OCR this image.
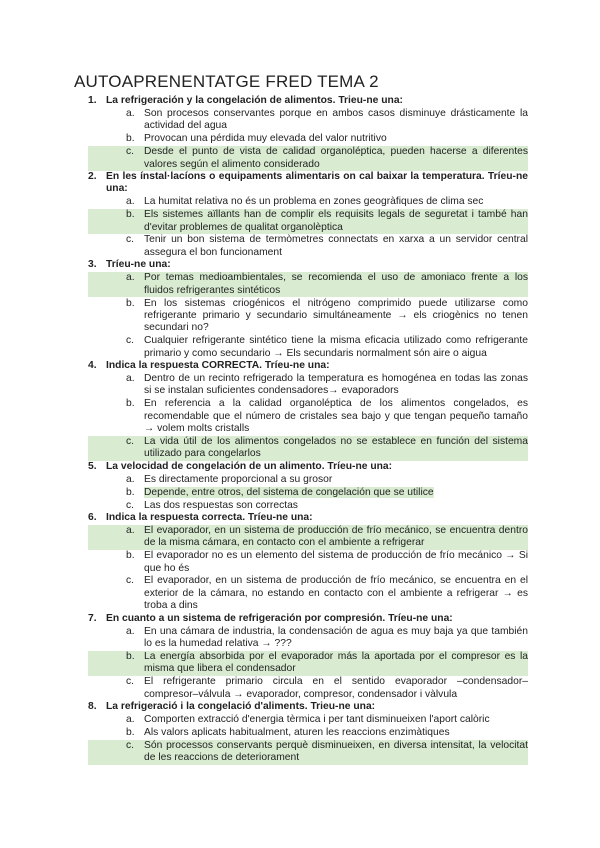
AUTOAPRENENTATGE FRED TEMA 2
1. La refrigeración y la congelación de alimentos. Trieu-ne una:
a. Son procesos conservantes porque en ambos casos disminuye drásticamente la actividad del agua
b. Provocan una pérdida muy elevada del valor nutritivo
c. Desde el punto de vista de calidad organoléptica, pueden hacerse a diferentes valores según el alimento considerado
2. En les ínstal·lacíons o equipaments alimentaris on cal baixar la temperatura. Tríeu-ne una:
a. La humitat relativa no és un problema en zones geogràfiques de clima sec
b. Els sistemes aïllants han de complir els requisits legals de seguretat i també han d'evitar problemes de qualitat organolèptica
c. Tenir un bon sistema de termòmetres connectats en xarxa a un servidor central assegura el bon funcionament
3. Tríeu-ne una:
a. Por temas medioambientales, se recomienda el uso de amoniaco frente a los fluidos refrigerantes sintéticos
b. En los sistemas criogénicos el nitrógeno comprimido puede utilizarse como refrigerante primario y secundario simultáneamente → els criogènics no tenen secundari no?
c. Cualquier refrigerante sintético tiene la misma eficacia utilizado como refrigerante primario y como secundario → Els secundaris normalment són aire o aigua
4. Indica la respuesta CORRECTA. Tríeu-ne una:
a. Dentro de un recinto refrigerado la temperatura es homogénea en todas las zonas si se instalan suficientes condensadores→ evaporadors
b. En referencia a la calidad organoléptica de los alimentos congelados, es recomendable que el número de cristales sea bajo y que tengan pequeño tamaño → volem molts cristalls
c. La vida útil de los alimentos congelados no se establece en función del sistema utilizado para congelarlos
5. La velocidad de congelación de un alimento. Tríeu-ne una:
a. Es directamente proporcional a su grosor
b. Depende, entre otros, del sistema de congelación que se utilice
c. Las dos respuestas son correctas
6. Indica la respuesta correcta. Tríeu-ne una:
a. El evaporador, en un sistema de producción de frío mecánico, se encuentra dentro de la misma cámara, en contacto con el ambiente a refrigerar
b. El evaporador no es un elemento del sistema de producción de frío mecánico → Si que ho és
c. El evaporador, en un sistema de producción de frío mecánico, se encuentra en el exterior de la cámara, no estando en contacto con el ambiente a refrigerar → es troba a dins
7. En cuanto a un sistema de refrigeración por compresión. Tríeu-ne una:
a. En una cámara de industria, la condensación de agua es muy baja ya que también lo es la humedad relativa → ???
b. La energía absorbida por el evaporador más la aportada por el compresor es la misma que libera el condensador
c. El refrigerante primario circula en el sentido evaporador –condensador– compresor–válvula → evaporador, compresor, condensador i vàlvula
8. La refrigeració i la congelació d'aliments. Trieu-ne una:
a. Comporten extracció d'energia tèrmica i per tant disminueixen l'aport calòric
b. Als valors aplicats habitualment, aturen les reaccions enzimàtiques
c. Són processos conservants perquè disminueixen, en diversa intensitat, la velocitat de les reaccions de deteriorament
